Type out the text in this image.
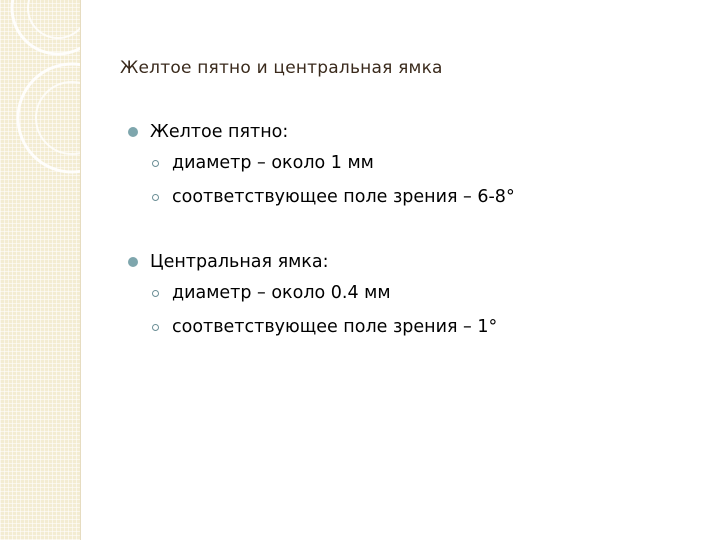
Желтое пятно и центральная ямка
Желтое пятно:
диаметр – около 1 мм
соответствующее поле зрения – 6-8°
Центральная ямка:
диаметр – около 0.4 мм
соответствующее поле зрения – 1°
